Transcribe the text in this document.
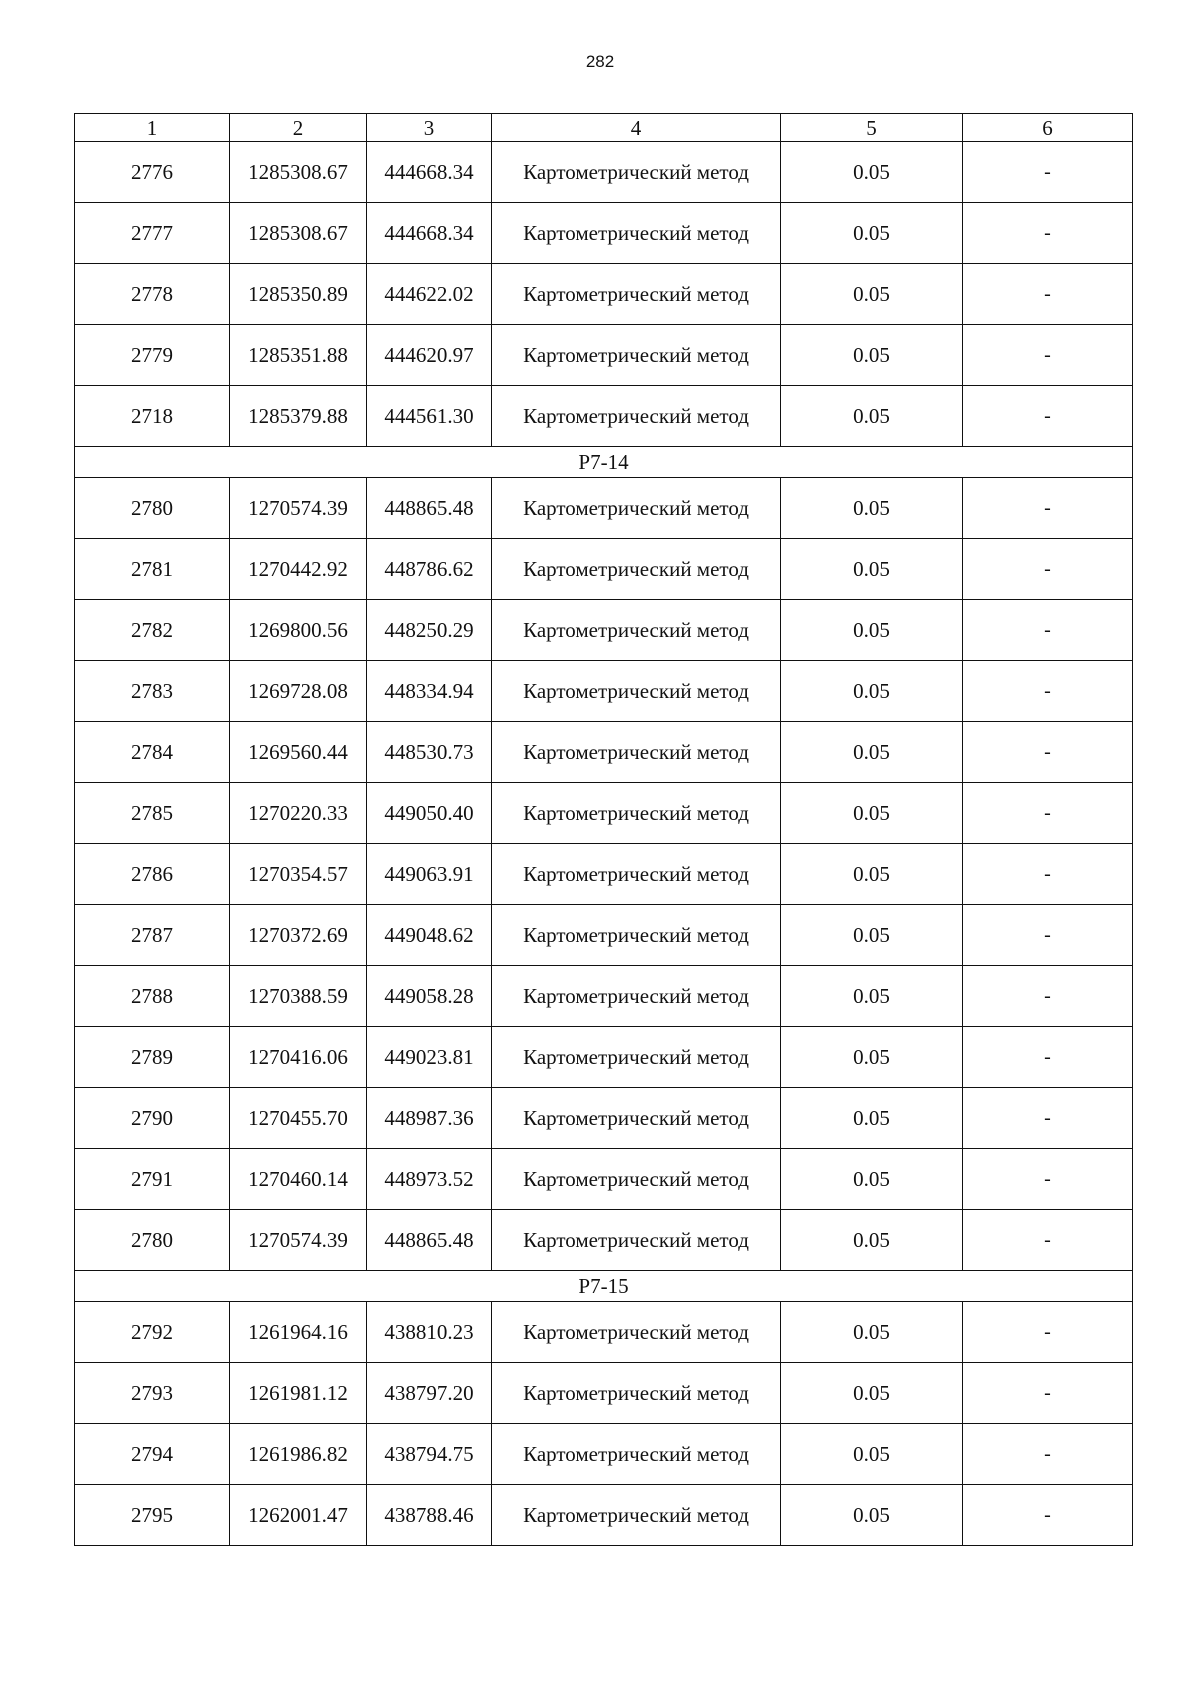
282
1	2	3	4	5	6
2776	1285308.67	444668.34	Картометрический метод	0.05	-
2777	1285308.67	444668.34	Картометрический метод	0.05	-
2778	1285350.89	444622.02	Картометрический метод	0.05	-
2779	1285351.88	444620.97	Картометрический метод	0.05	-
2718	1285379.88	444561.30	Картометрический метод	0.05	-
P7-14					
2780	1270574.39	448865.48	Картометрический метод	0.05	-
2781	1270442.92	448786.62	Картометрический метод	0.05	-
2782	1269800.56	448250.29	Картометрический метод	0.05	-
2783	1269728.08	448334.94	Картометрический метод	0.05	-
2784	1269560.44	448530.73	Картометрический метод	0.05	-
2785	1270220.33	449050.40	Картометрический метод	0.05	-
2786	1270354.57	449063.91	Картометрический метод	0.05	-
2787	1270372.69	449048.62	Картометрический метод	0.05	-
2788	1270388.59	449058.28	Картометрический метод	0.05	-
2789	1270416.06	449023.81	Картометрический метод	0.05	-
2790	1270455.70	448987.36	Картометрический метод	0.05	-
2791	1270460.14	448973.52	Картометрический метод	0.05	-
2780	1270574.39	448865.48	Картометрический метод	0.05	-
P7-15					
2792	1261964.16	438810.23	Картометрический метод	0.05	-
2793	1261981.12	438797.20	Картометрический метод	0.05	-
2794	1261986.82	438794.75	Картометрический метод	0.05	-
2795	1262001.47	438788.46	Картометрический метод	0.05	-
